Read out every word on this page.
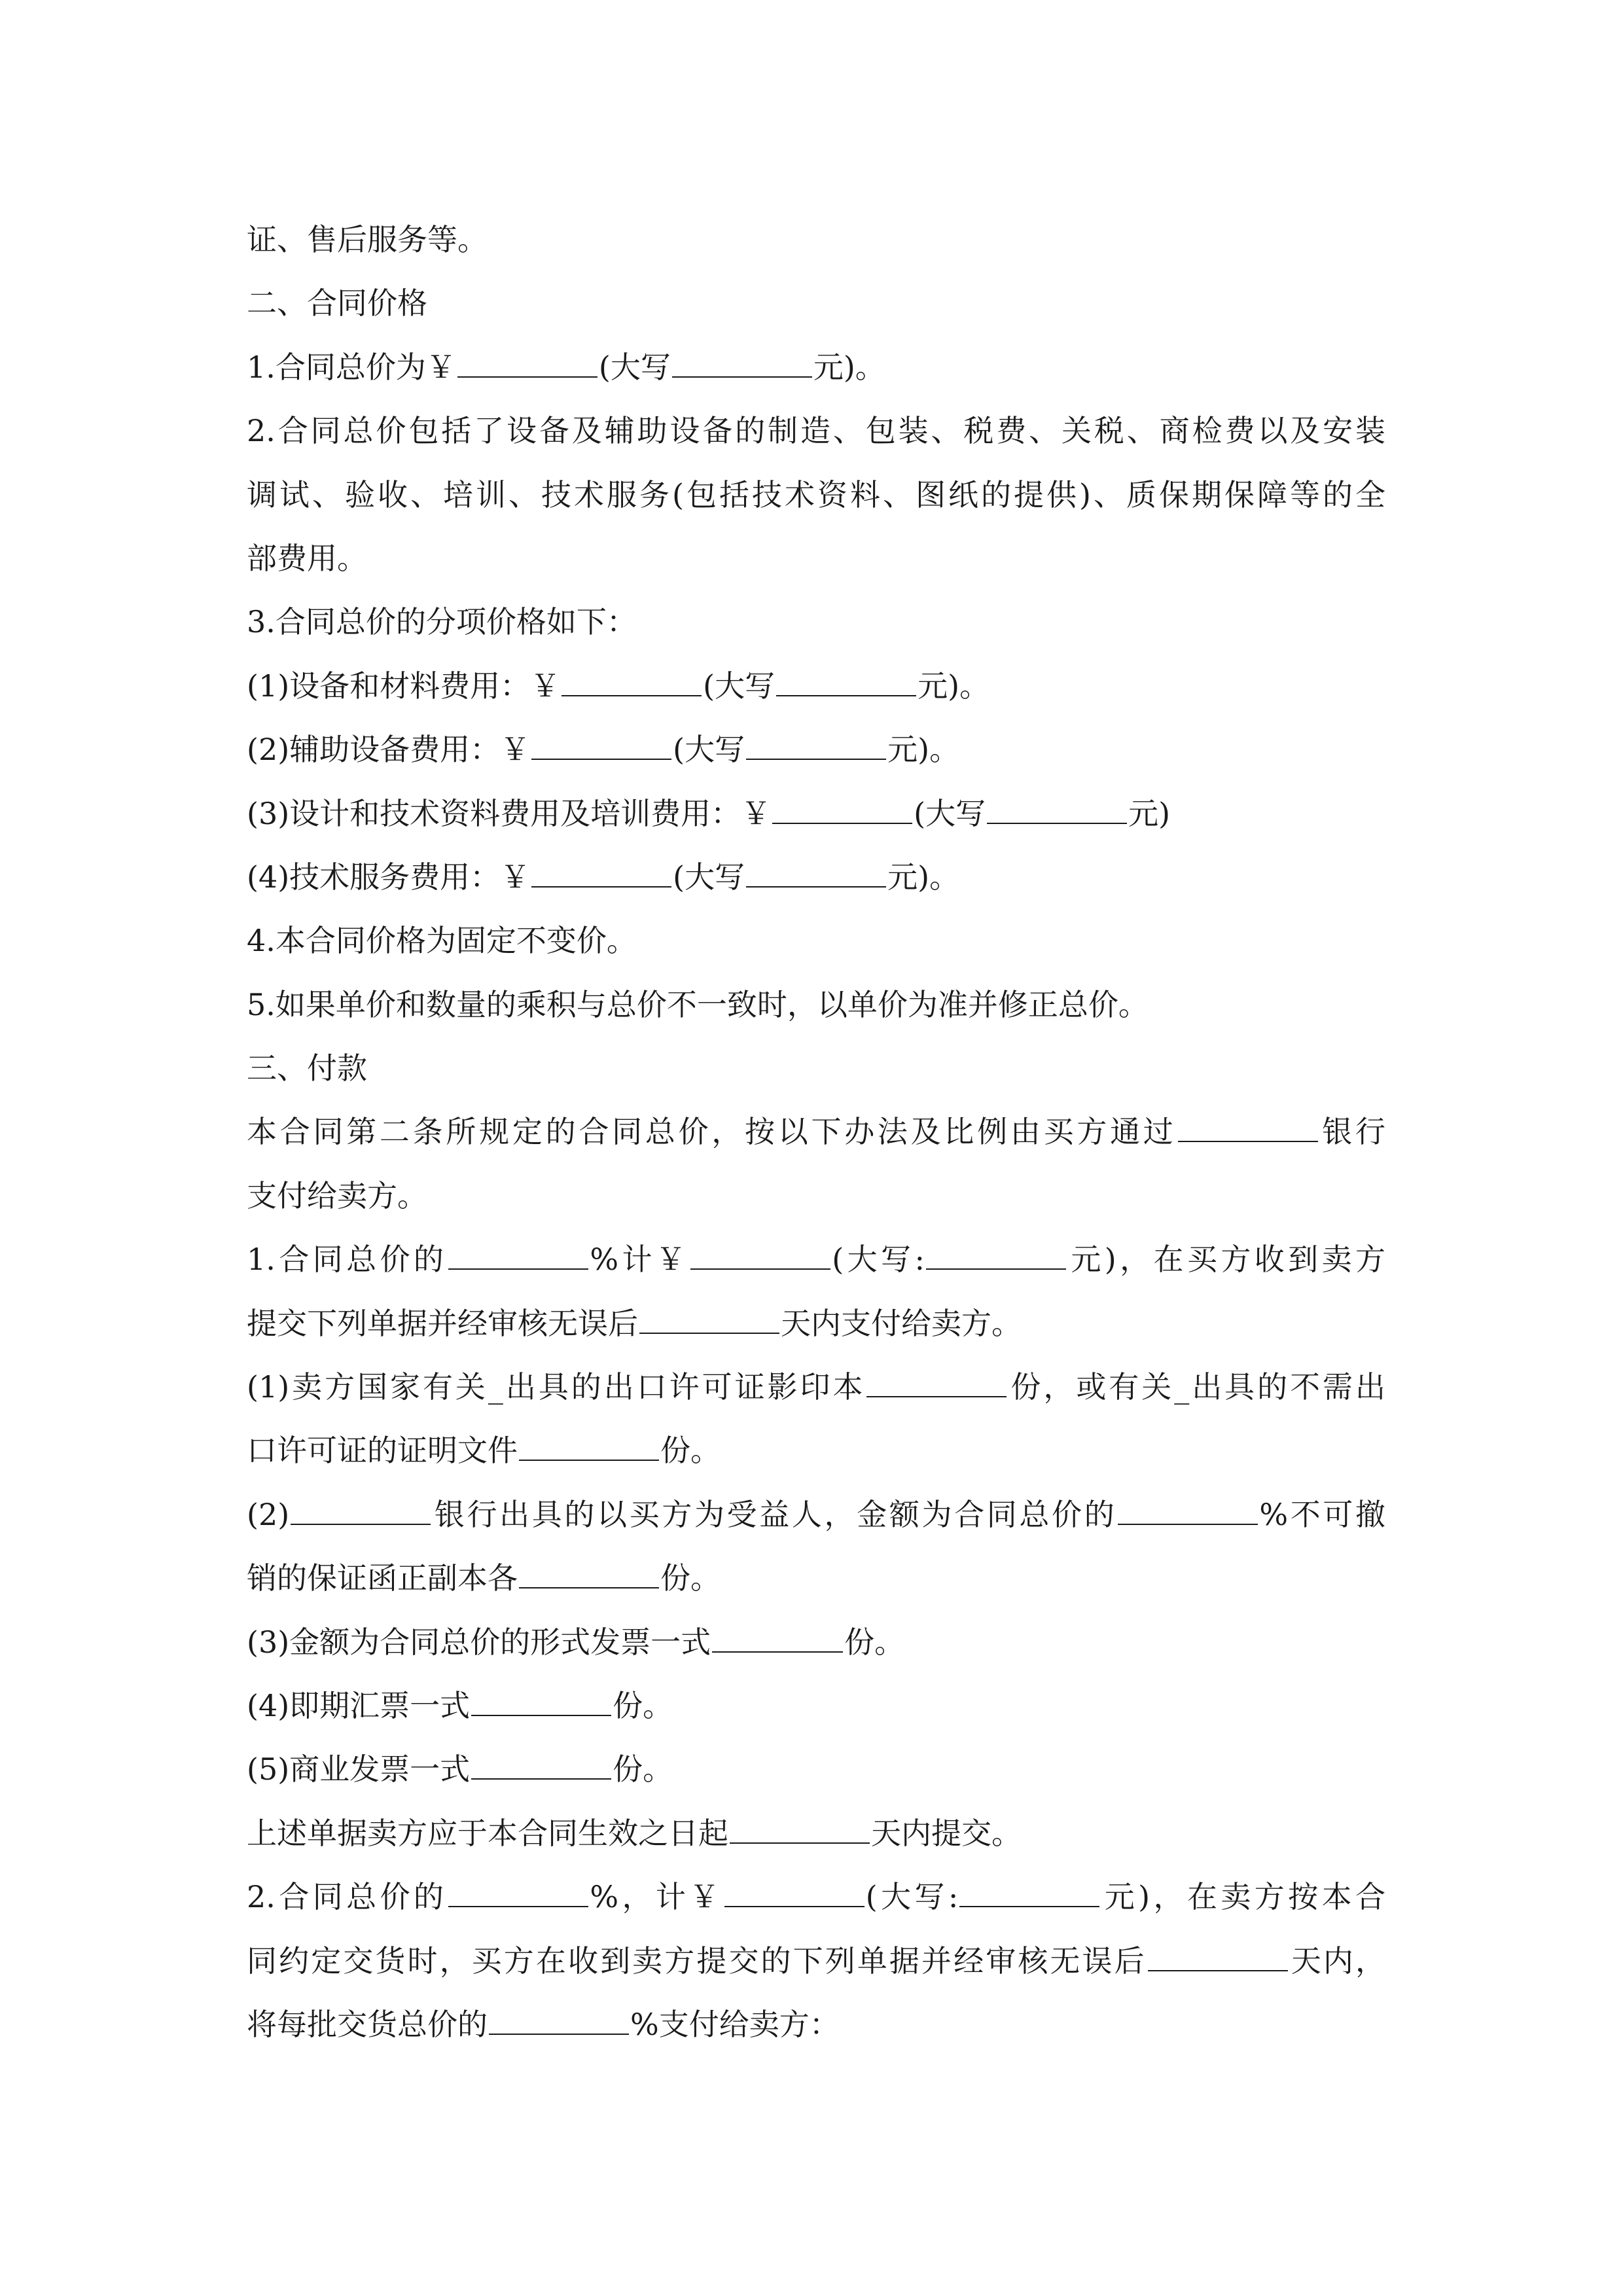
证、售后服务等。
二、合同价格
1.合同总价为￥	(大写	元)。
2.合同总价包括了设备及辅助设备的制造、包装、税费、关税、商检费以及安装
调试、验收、培训、技术服务(包括技术资料、图纸的提供)、质保期保障等的全
部费用。
3.合同总价的分项价格如下：
(1)设备和材料费用：￥	(大写	元)。
(2)辅助设备费用：￥	(大写	元)。
(3)设计和技术资料费用及培训费用：￥	(大写	元)
(4)技术服务费用：￥	(大写	元)。
4.本合同价格为固定不变价。
5.如果单价和数量的乘积与总价不一致时，以单价为准并修正总价。
三、付款
本合同第二条所规定的合同总价，按以下办法及比例由买方通过	银行
支付给卖方。
1.合同总价的	%计￥	(大写:	元)，在买方收到卖方
提交下列单据并经审核无误后	天内支付给卖方。
(1)卖方国家有关_出具的出口许可证影印本	份，或有关_出具的不需出
口许可证的证明文件	份。
(2)	银行出具的以买方为受益人，金额为合同总价的	%不可撤
销的保证函正副本各	份。
(3)金额为合同总价的形式发票一式	份。
(4)即期汇票一式	份。
(5)商业发票一式	份。
上述单据卖方应于本合同生效之日起	天内提交。
2.合同总价的	%，计￥	(大写:	元)，在卖方按本合
同约定交货时，买方在收到卖方提交的下列单据并经审核无误后	天内，
将每批交货总价的	%支付给卖方：
